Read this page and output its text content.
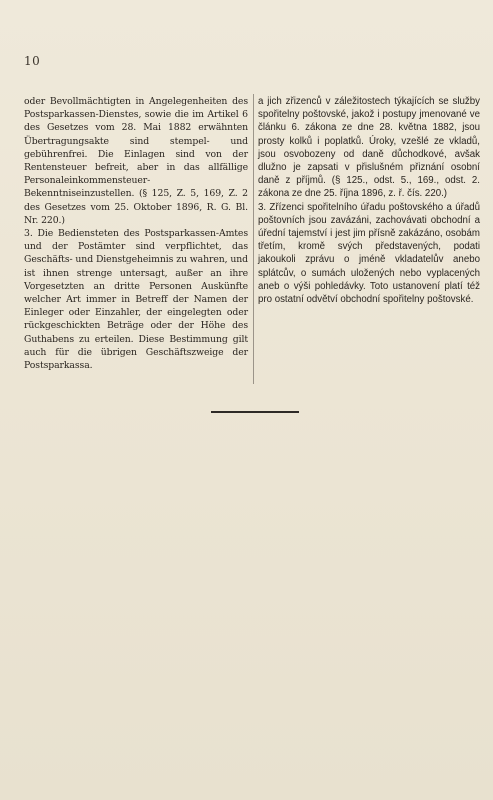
10

oder Bevollmächtigten in Angelegenheiten des Postsparkassen-Dienstes, sowie die im Artikel 6 des Gesetzes vom 28. Mai 1882 erwähnten Übertragungsakte sind stempel- und gebührenfrei. Die Einlagen sind von der Rentensteuer befreit, aber in das allfällige Personaleinkommensteuer-Bekenntniseinzustellen. (§ 125, Z. 5, 169, Z. 2 des Gesetzes vom 25. Oktober 1896, R. G. Bl. Nr. 220.)

3. Die Bediensteten des Postsparkassen-Amtes und der Postämter sind verpflichtet, das Geschäfts- und Dienstgeheimnis zu wahren, und ist ihnen strenge untersagt, außer an ihre Vorgesetzten an dritte Personen Auskünfte welcher Art immer in Betreff der Namen der Einleger oder Einzahler, der eingelegten oder rückgeschickten Beträge oder der Höhe des Guthabens zu erteilen. Diese Bestimmung gilt auch für die übrigen Geschäftszweige der Postsparkassa.

a jich zřizenců v záležitostech týkajících se služby spořitelny poštovské, jakož i postupy jmenované ve článku 6. zákona ze dne 28. května 1882, jsou prosty kolků i poplatků. Úroky, vzešlé ze vkladů, jsou osvobozeny od daně důchodkové, avšak dlužno je zapsati v přislušném přiznání osobní daně z příjmů. (§ 125., odst. 5., 169., odst. 2. zákona ze dne 25. října 1896, z. ř. čís. 220.)

3. Zřízenci spořitelního úřadu poštovského a úřadů poštovních jsou zavázáni, zachovávati obchodní a úřední tajemství i jest jim přísně zakázáno, osobám třetím, kromě svých představených, podati jakoukoli zprávu o jméně vkladatelův anebo splátcův, o sumách uložených nebo vyplacených aneb o výši pohledávky. Toto ustanovení platí též pro ostatní odvětví obchodní spořitelny poštovské.
